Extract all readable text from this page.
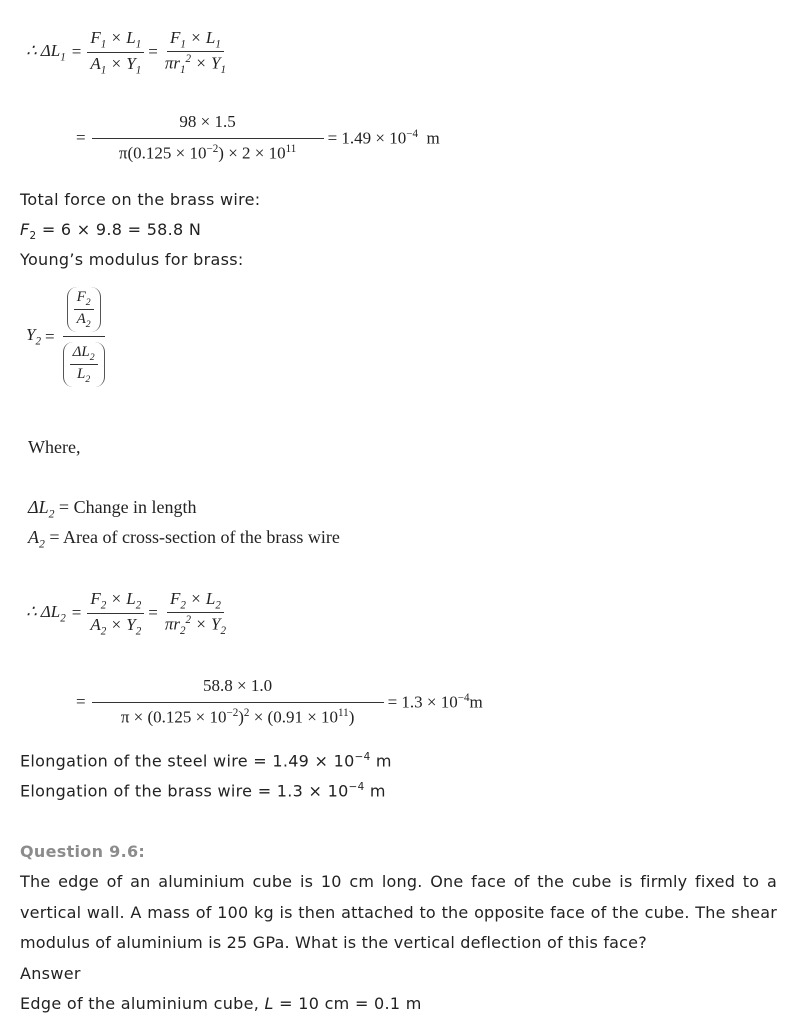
∴ $\Delta L_1 = \frac{F_1 \times L_1}{A_1 \times Y_1} = \frac{F_1 \times L_1}{\pi r_1^2 \times Y_1}$
= $\frac{98 \times 1.5}{\pi(0.125 \times 10^{-2}) \times 2 \times 10^{11}} = 1.49 \times 10^{-4}$ m
Total force on the brass wire:
$F_2 = 6 \times 9.8 = 58.8$ N
Young’s modulus for brass:
$Y_2 = \frac{\frac{F_2}{A_2}}{\frac{\Delta L_2}{L_2}}$
Where,
$\Delta L_2$ = Change in length
$A_2$ = Area of cross-section of the brass wire
∴ $\Delta L_2 = \frac{F_2 \times L_2}{A_2 \times Y_2} = \frac{F_2 \times L_2}{\pi r_2^2 \times Y_2}$
= $\frac{58.8 \times 1.0}{\pi \times (0.125 \times 10^{-2})^2 \times (0.91 \times 10^{11})} = 1.3 \times 10^{-4}m$
Elongation of the steel wire = $1.49 \times 10^{-4}$ m
Elongation of the brass wire = $1.3 \times 10^{-4}$ m
Question 9.6:
The edge of an aluminium cube is 10 cm long. One face of the cube is firmly fixed to a vertical wall. A mass of 100 kg is then attached to the opposite face of the cube. The shear modulus of aluminium is 25 GPa. What is the vertical deflection of this face?
Answer
Edge of the aluminium cube, L = 10 cm = 0.1 m
